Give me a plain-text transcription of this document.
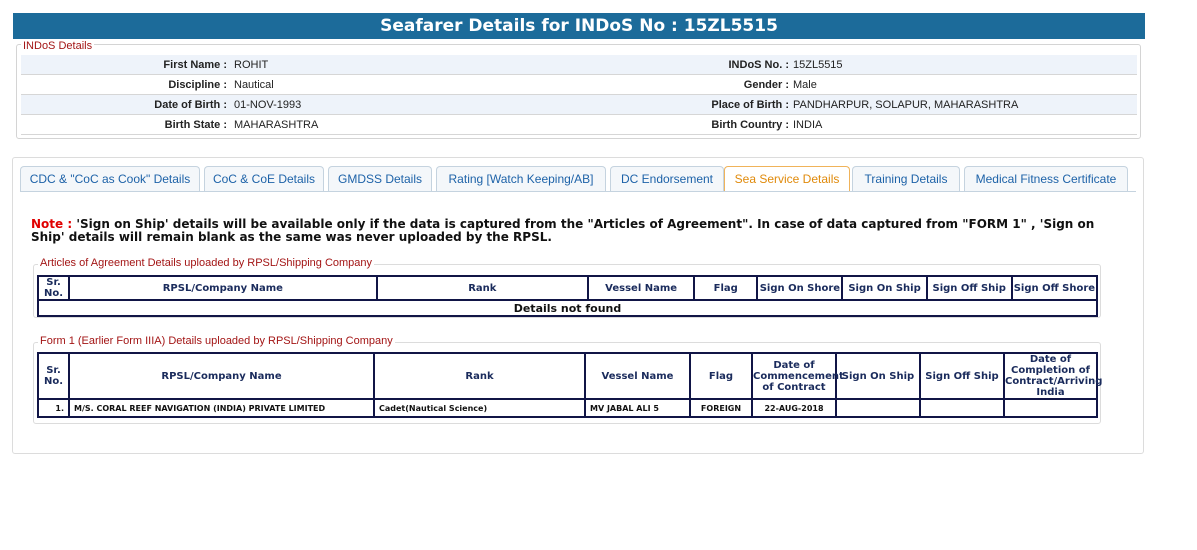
Seafarer Details for INDoS No : 15ZL5515
INDoS Details
First Name : ROHIT	INDoS No. : 15ZL5515
Discipline : Nautical	Gender : Male
Date of Birth : 01-NOV-1993	Place of Birth : PANDHARPUR, SOLAPUR, MAHARASHTRA
Birth State : MAHARASHTRA	Birth Country : INDIA
CDC & "CoC as Cook" Details	CoC & CoE Details	GMDSS Details	Rating [Watch Keeping/AB]	DC Endorsement	Sea Service Details	Training Details	Medical Fitness Certificate
Note : 'Sign on Ship' details will be available only if the data is captured from the "Articles of Agreement". In case of data captured from "FORM 1" , 'Sign on Ship' details will remain blank as the same was never uploaded by the RPSL.
Articles of Agreement Details uploaded by RPSL/Shipping Company
Sr. No.	RPSL/Company Name	Rank	Vessel Name	Flag	Sign On Shore	Sign On Ship	Sign Off Ship	Sign Off Shore
Details not found
Form 1 (Earlier Form IIIA) Details uploaded by RPSL/Shipping Company
Sr. No.	RPSL/Company Name	Rank	Vessel Name	Flag	Date of Commencement of Contract	Sign On Ship	Sign Off Ship	Date of Completion of Contract/Arriving India
1.	M/S. CORAL REEF NAVIGATION (INDIA) PRIVATE LIMITED	Cadet(Nautical Science)	MV JABAL ALI 5	FOREIGN	22-AUG-2018			
